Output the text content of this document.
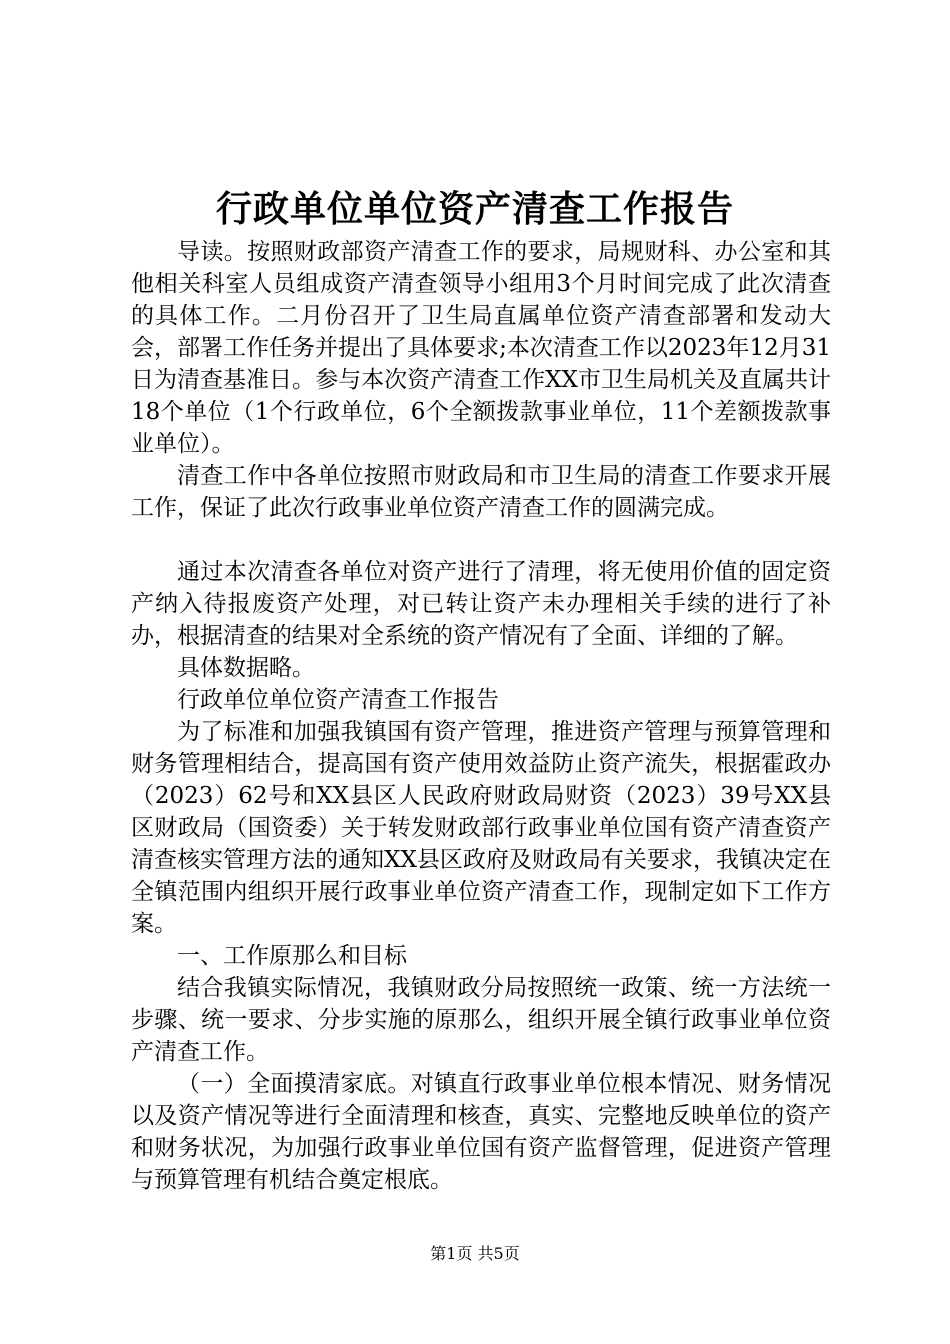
行政单位单位资产清查工作报告

导读。按照财政部资产清查工作的要求，局规财科、办公室和其他相关科室人员组成资产清查领导小组用3个月时间完成了此次清查的具体工作。二月份召开了卫生局直属单位资产清查部署和发动大会，部署工作任务并提出了具体要求;本次清查工作以2023年12月31日为清查基准日。参与本次资产清查工作XX市卫生局机关及直属共计18个单位（1个行政单位，6个全额拨款事业单位，11个差额拨款事业单位）。

清查工作中各单位按照市财政局和市卫生局的清查工作要求开展工作，保证了此次行政事业单位资产清查工作的圆满完成。

通过本次清查各单位对资产进行了清理，将无使用价值的固定资产纳入待报废资产处理，对已转让资产未办理相关手续的进行了补办，根据清查的结果对全系统的资产情况有了全面、详细的了解。

具体数据略。

行政单位单位资产清查工作报告

为了标准和加强我镇国有资产管理，推进资产管理与预算管理和财务管理相结合，提高国有资产使用效益防止资产流失，根据霍政办（2023）62号和XX县区人民政府财政局财资（2023）39号XX县区财政局（国资委）关于转发财政部行政事业单位国有资产清查资产清查核实管理方法的通知XX县区政府及财政局有关要求，我镇决定在全镇范围内组织开展行政事业单位资产清查工作，现制定如下工作方案。

一、工作原那么和目标

结合我镇实际情况，我镇财政分局按照统一政策、统一方法统一步骤、统一要求、分步实施的原那么，组织开展全镇行政事业单位资产清查工作。

（一）全面摸清家底。对镇直行政事业单位根本情况、财务情况以及资产情况等进行全面清理和核查，真实、完整地反映单位的资产和财务状况，为加强行政事业单位国有资产监督管理，促进资产管理与预算管理有机结合奠定根底。

第1页 共5页
